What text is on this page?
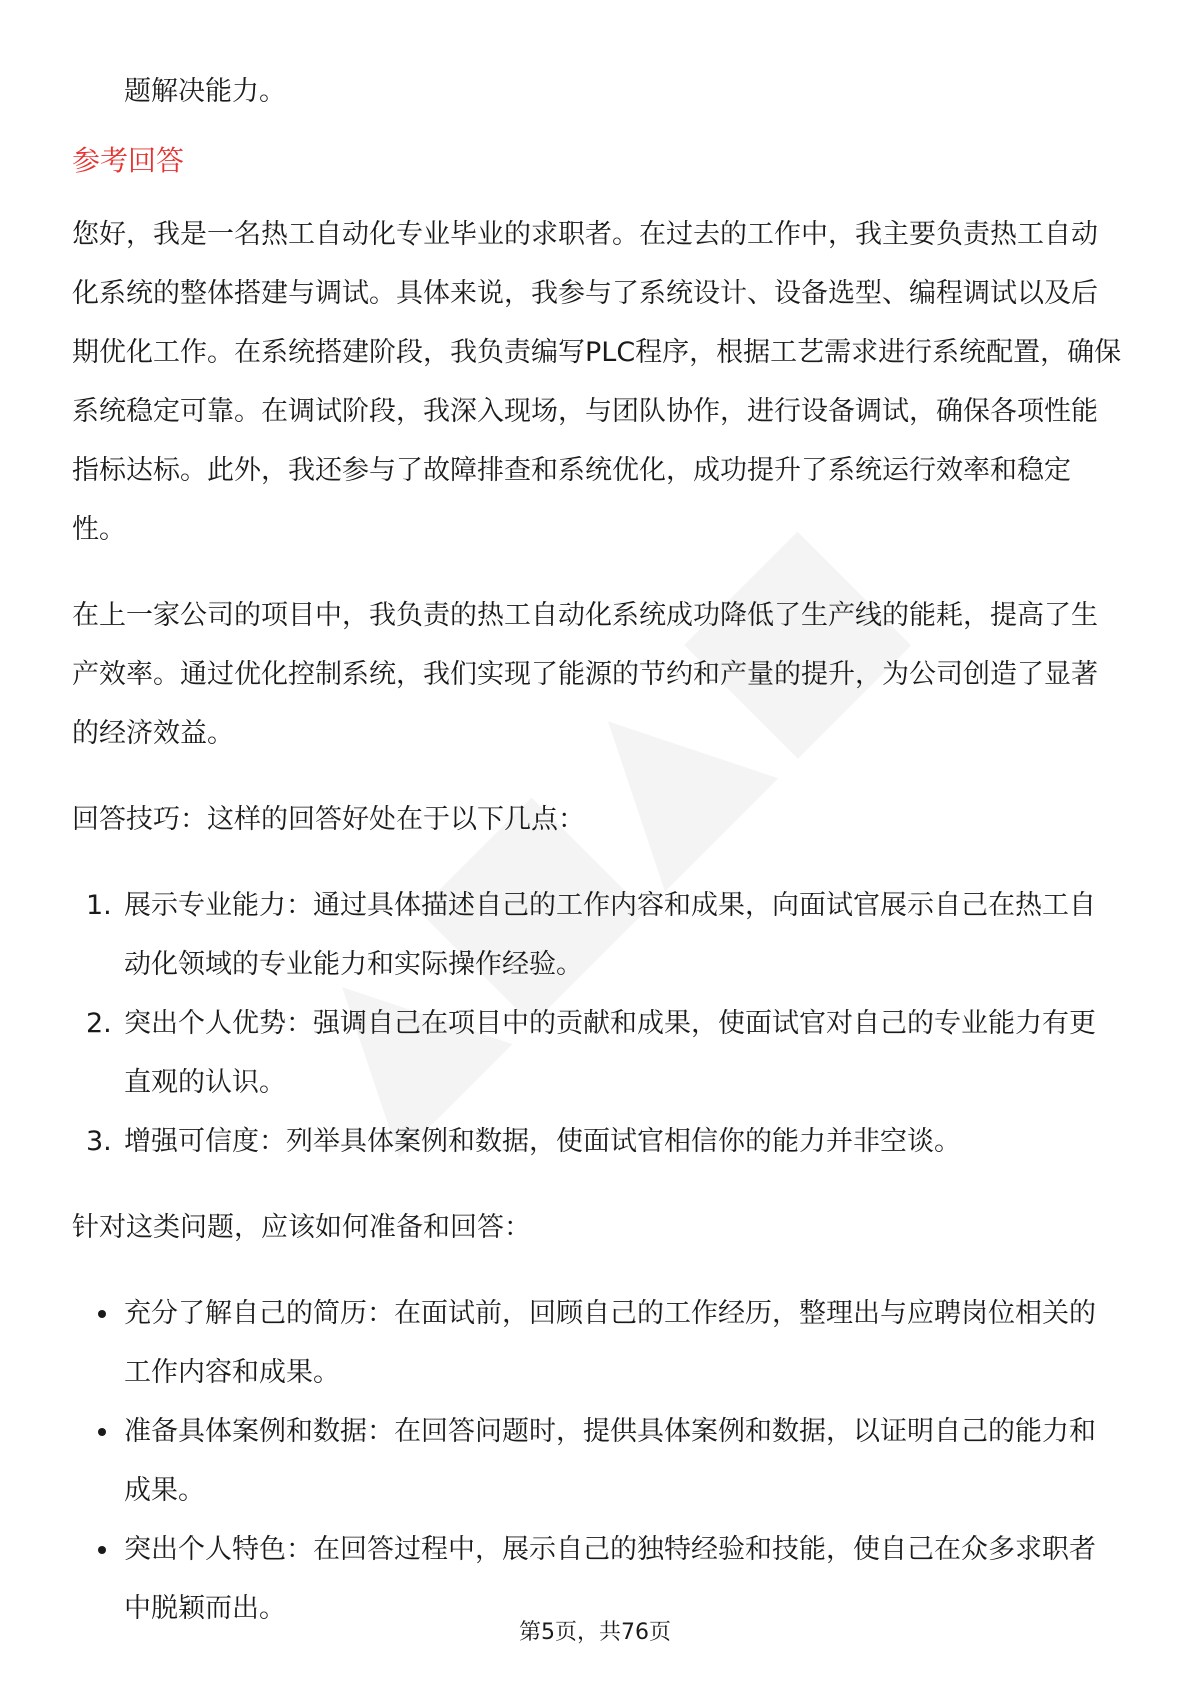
题解决能力。

参考回答

您好，我是一名热工自动化专业毕业的求职者。在过去的工作中，我主要负责热工自动化系统的整体搭建与调试。具体来说，我参与了系统设计、设备选型、编程调试以及后期优化工作。在系统搭建阶段，我负责编写PLC程序，根据工艺需求进行系统配置，确保系统稳定可靠。在调试阶段，我深入现场，与团队协作，进行设备调试，确保各项性能指标达标。此外，我还参与了故障排查和系统优化，成功提升了系统运行效率和稳定性。

在上一家公司的项目中，我负责的热工自动化系统成功降低了生产线的能耗，提高了生产效率。通过优化控制系统，我们实现了能源的节约和产量的提升，为公司创造了显著的经济效益。

回答技巧：这样的回答好处在于以下几点：

1. 展示专业能力：通过具体描述自己的工作内容和成果，向面试官展示自己在热工自动化领域的专业能力和实际操作经验。
2. 突出个人优势：强调自己在项目中的贡献和成果，使面试官对自己的专业能力有更直观的认识。
3. 增强可信度：列举具体案例和数据，使面试官相信你的能力并非空谈。

针对这类问题，应该如何准备和回答：

充分了解自己的简历：在面试前，回顾自己的工作经历，整理出与应聘岗位相关的工作内容和成果。
准备具体案例和数据：在回答问题时，提供具体案例和数据，以证明自己的能力和成果。
突出个人特色：在回答过程中，展示自己的独特经验和技能，使自己在众多求职者中脱颖而出。
第5页，共76页
